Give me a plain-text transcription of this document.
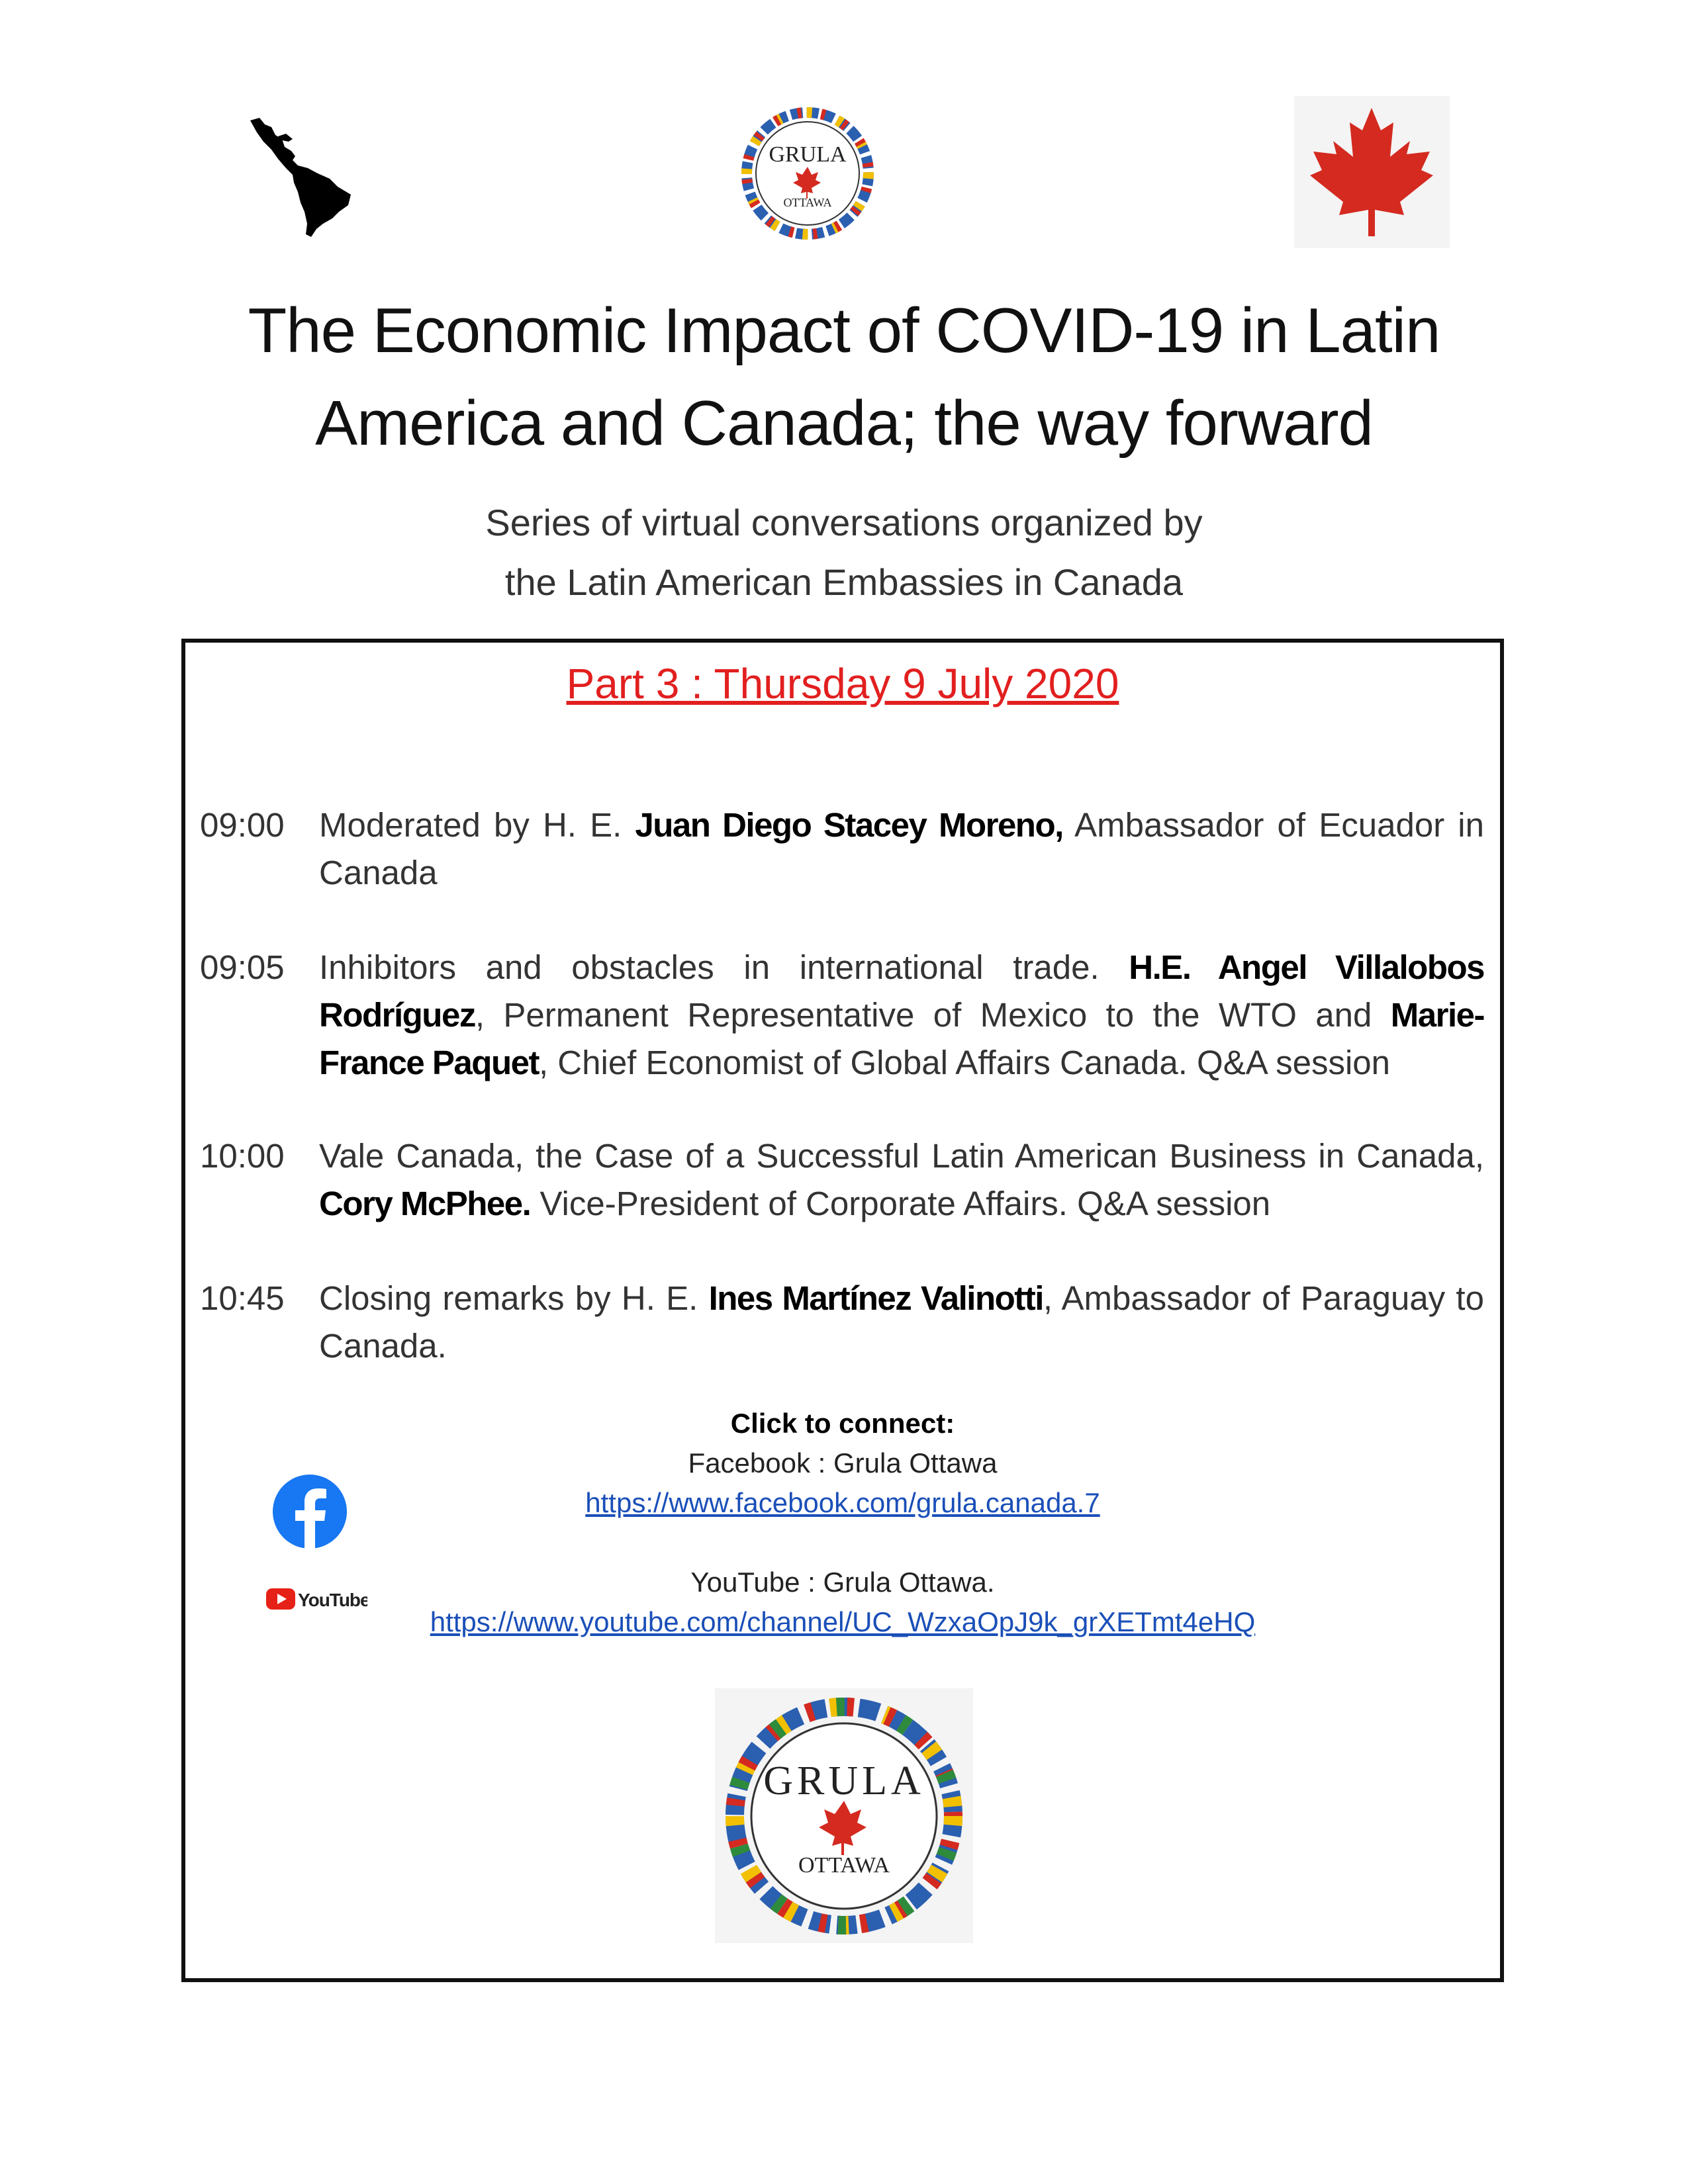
GRULA
OTTAWA
The Economic Impact of COVID-19 in Latin
America and Canada; the way forward
Series of virtual conversations organized by
the Latin American Embassies in Canada
Part 3 : Thursday 9 July 2020
09:00	Moderated by H. E. Juan Diego Stacey Moreno, Ambassador of Ecuador in Canada
09:05	Inhibitors and obstacles in international trade. H.E. Angel Villalobos Rodríguez, Permanent Representative of Mexico to the WTO and Marie-France Paquet, Chief Economist of Global Affairs Canada. Q&A session
10:00	Vale Canada, the Case of a Successful Latin American Business in Canada, Cory McPhee. Vice-President of Corporate Affairs. Q&A session
10:45	Closing remarks by H. E. Ines Martínez Valinotti, Ambassador of Paraguay to Canada.
Click to connect:
Facebook : Grula Ottawa
https://www.facebook.com/grula.canada.7
YouTube : Grula Ottawa.
https://www.youtube.com/channel/UC_WzxaOpJ9k_grXETmt4eHQ
YouTube
GRULA
OTTAWA
